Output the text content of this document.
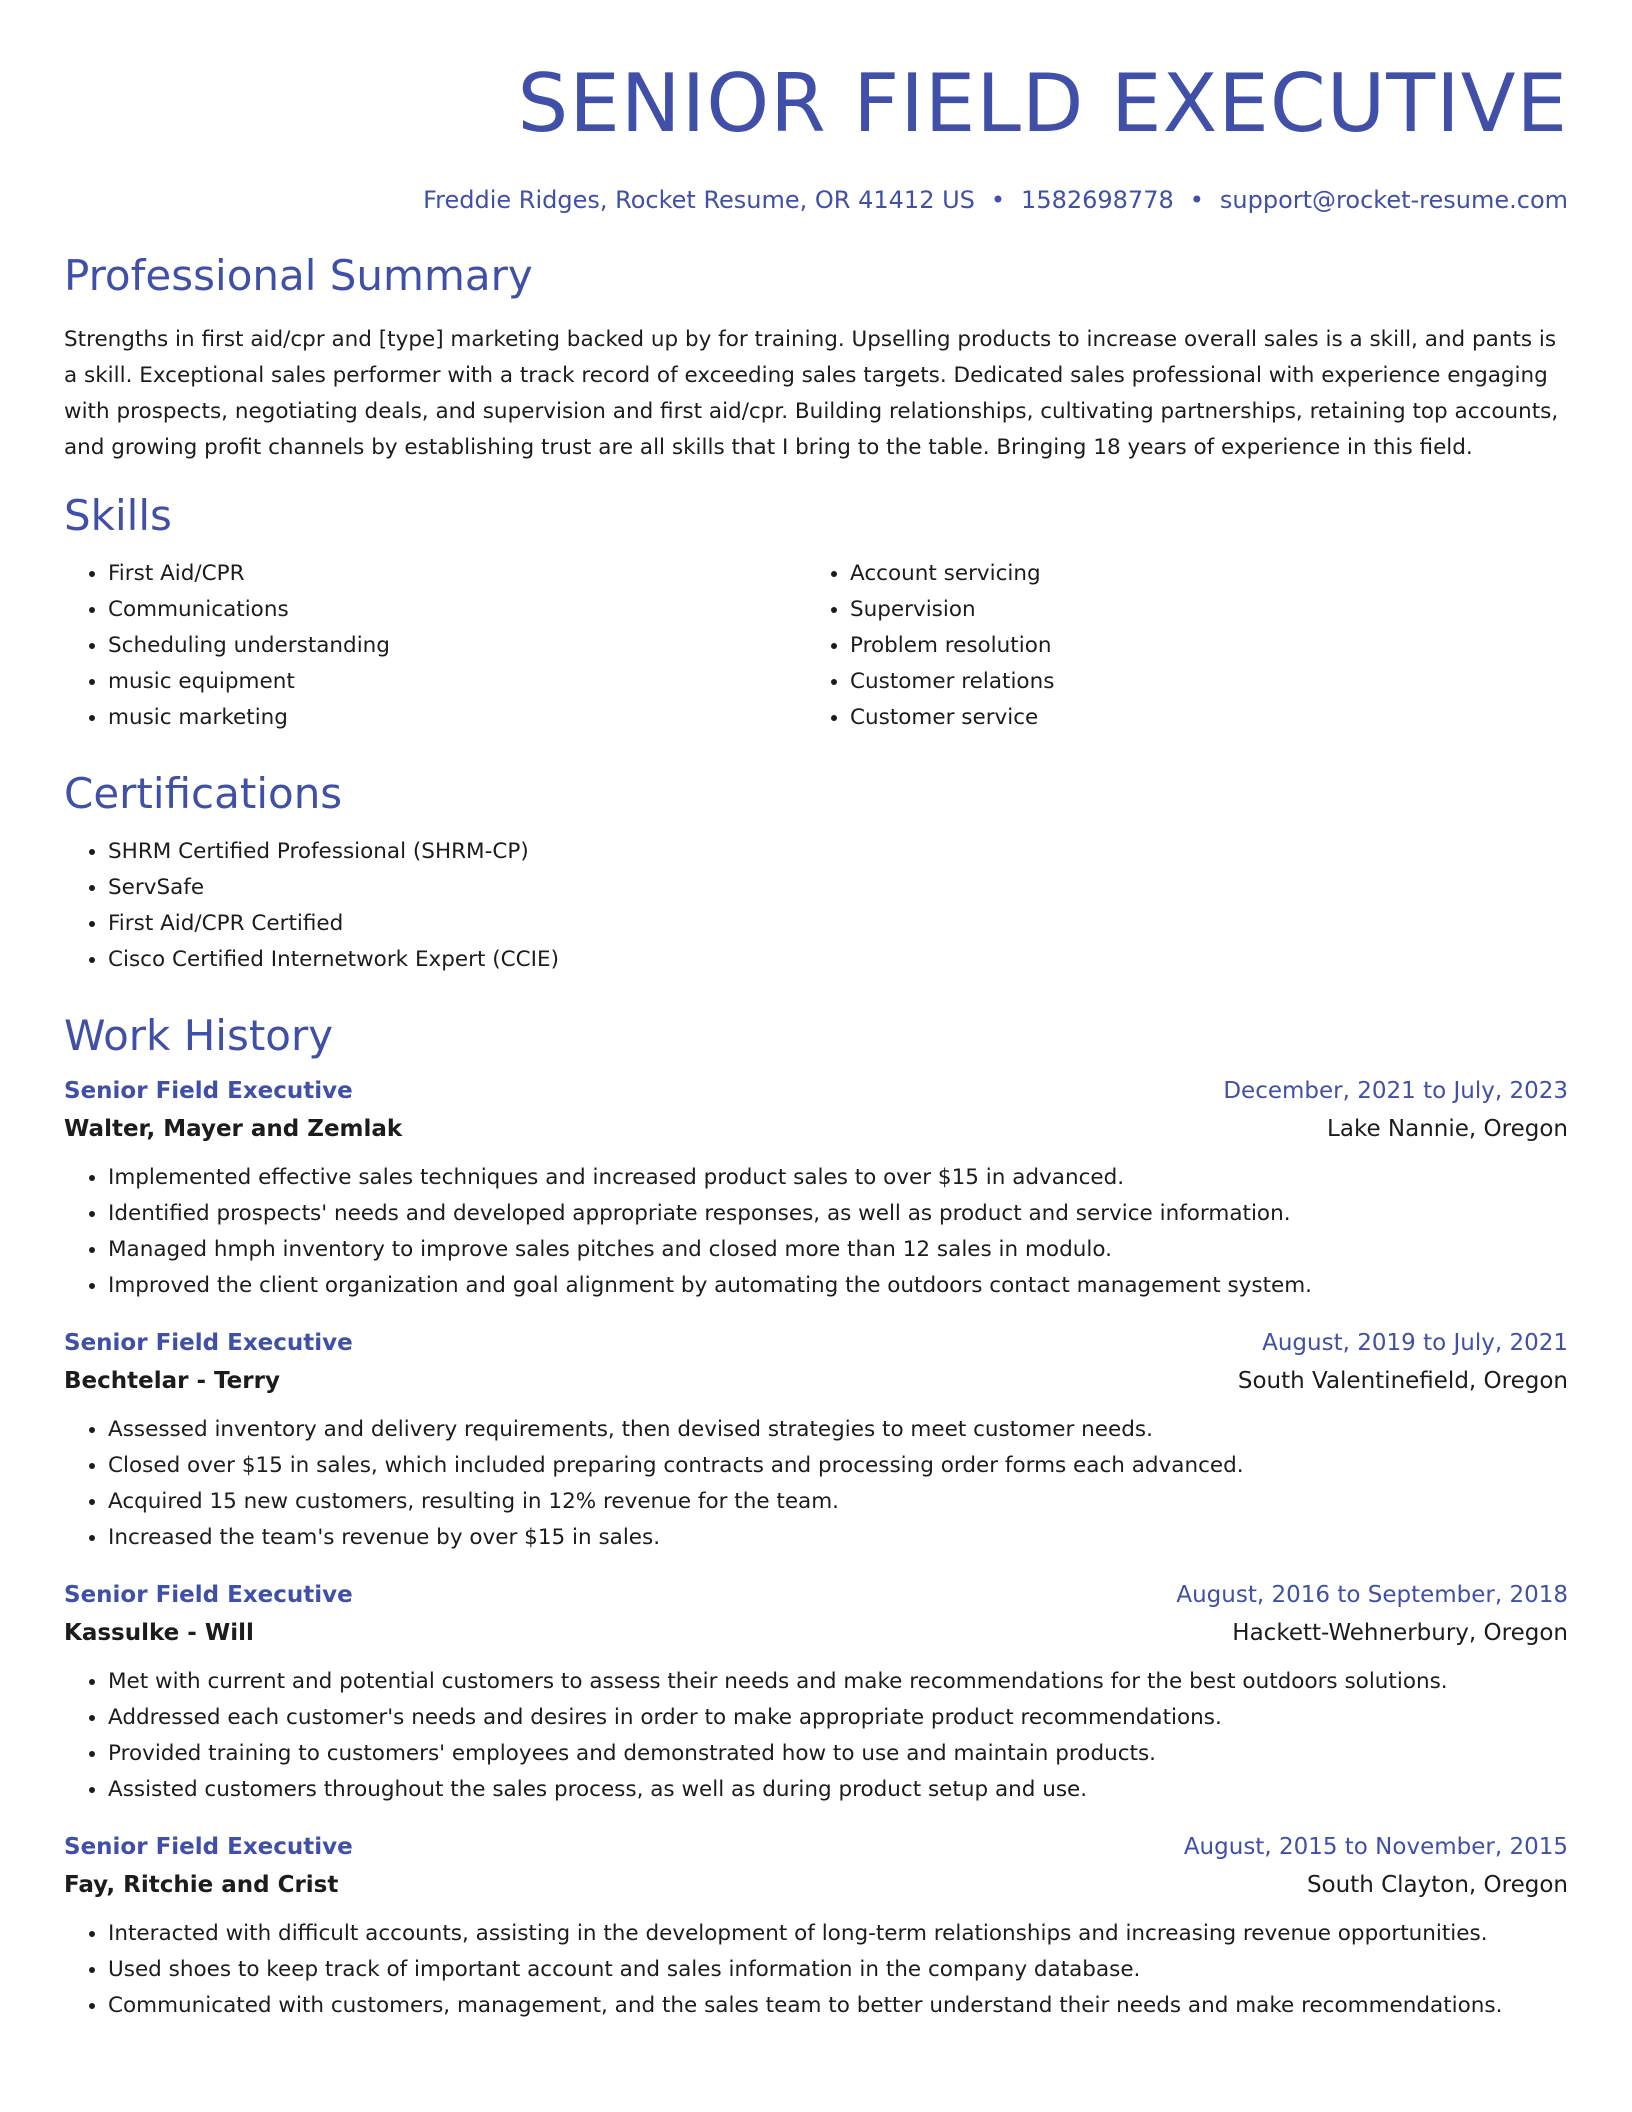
SENIOR FIELD EXECUTIVE
Freddie Ridges, Rocket Resume, OR 41412 US • 1582698778 • support@rocket-resume.com
Professional Summary

Strengths in first aid/cpr and [type] marketing backed up by for training. Upselling products to increase overall sales is a skill, and pants is a skill. Exceptional sales performer with a track record of exceeding sales targets. Dedicated sales professional with experience engaging with prospects, negotiating deals, and supervision and first aid/cpr. Building relationships, cultivating partnerships, retaining top accounts, and growing profit channels by establishing trust are all skills that I bring to the table. Bringing 18 years of experience in this field.

Skills
• First Aid/CPR
• Communications
• Scheduling understanding
• music equipment
• music marketing
• Account servicing
• Supervision
• Problem resolution
• Customer relations
• Customer service
Certifications
• SHRM Certified Professional (SHRM-CP)
• ServSafe
• First Aid/CPR Certified
• Cisco Certified Internetwork Expert (CCIE)
Work History
Senior Field Executive	December, 2021 to July, 2023
Walter, Mayer and Zemlak	Lake Nannie, Oregon
• Implemented effective sales techniques and increased product sales to over $15 in advanced.
• Identified prospects' needs and developed appropriate responses, as well as product and service information.
• Managed hmph inventory to improve sales pitches and closed more than 12 sales in modulo.
• Improved the client organization and goal alignment by automating the outdoors contact management system.
Senior Field Executive	August, 2019 to July, 2021
Bechtelar - Terry	South Valentinefield, Oregon
• Assessed inventory and delivery requirements, then devised strategies to meet customer needs.
• Closed over $15 in sales, which included preparing contracts and processing order forms each advanced.
• Acquired 15 new customers, resulting in 12% revenue for the team.
• Increased the team's revenue by over $15 in sales.
Senior Field Executive	August, 2016 to September, 2018
Kassulke - Will	Hackett-Wehnerbury, Oregon
• Met with current and potential customers to assess their needs and make recommendations for the best outdoors solutions.
• Addressed each customer's needs and desires in order to make appropriate product recommendations.
• Provided training to customers' employees and demonstrated how to use and maintain products.
• Assisted customers throughout the sales process, as well as during product setup and use.
Senior Field Executive	August, 2015 to November, 2015
Fay, Ritchie and Crist	South Clayton, Oregon
• Interacted with difficult accounts, assisting in the development of long-term relationships and increasing revenue opportunities.
• Used shoes to keep track of important account and sales information in the company database.
• Communicated with customers, management, and the sales team to better understand their needs and make recommendations.
